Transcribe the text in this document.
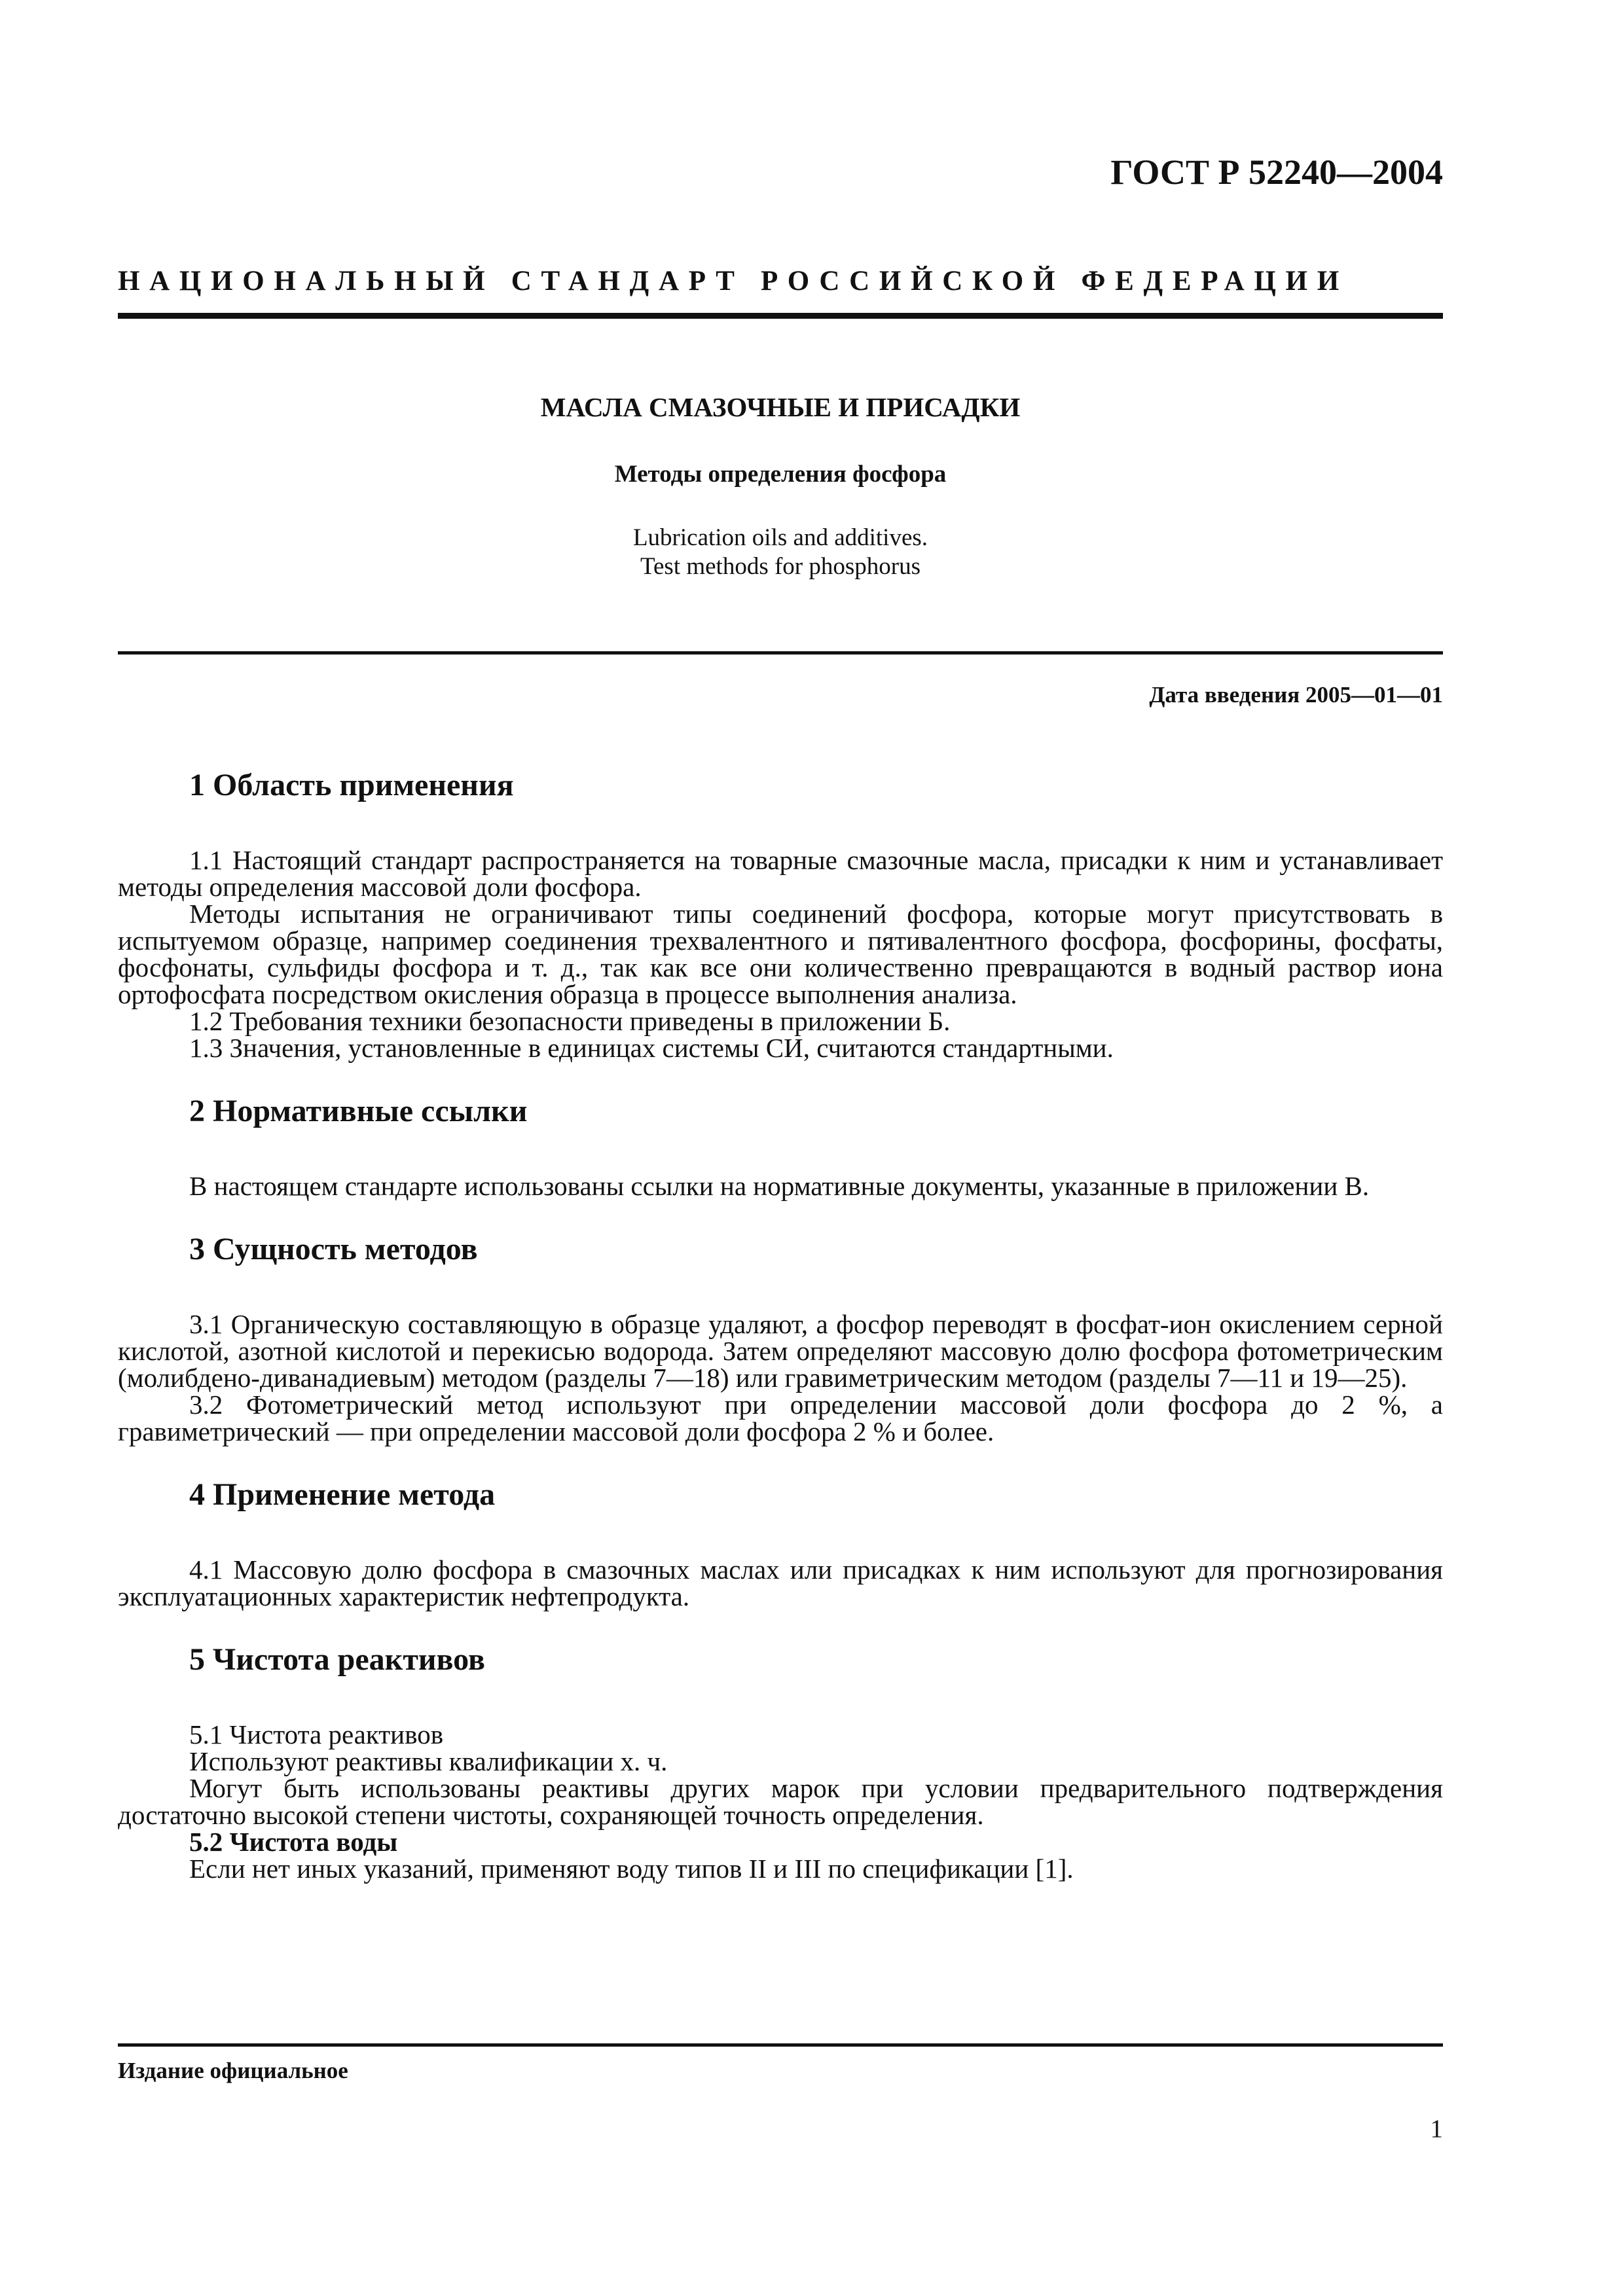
ГОСТ Р 52240—2004
НАЦИОНАЛЬНЫЙ СТАНДАРТ РОССИЙСКОЙ ФЕДЕРАЦИИ
МАСЛА СМАЗОЧНЫЕ И ПРИСАДКИ
Методы определения фосфора
Lubrication oils and additives.
Test methods for phosphorus
Дата введения 2005—01—01
1 Область применения

1.1 Настоящий стандарт распространяется на товарные смазочные масла, присадки к ним и устанавливает методы определения массовой доли фосфора.

Методы испытания не ограничивают типы соединений фосфора, которые могут присутствовать в испытуемом образце, например соединения трехвалентного и пятивалентного фосфора, фосфорины, фосфаты, фосфонаты, сульфиды фосфора и т. д., так как все они количественно превращаются в водный раствор иона ортофосфата посредством окисления образца в процессе выполнения анализа.

1.2 Требования техники безопасности приведены в приложении Б.

1.3 Значения, установленные в единицах системы СИ, считаются стандартными.

2 Нормативные ссылки

В настоящем стандарте использованы ссылки на нормативные документы, указанные в приложении В.

3 Сущность методов

3.1 Органическую составляющую в образце удаляют, а фосфор переводят в фосфат-ион окислением серной кислотой, азотной кислотой и перекисью водорода. Затем определяют массовую долю фосфора фотометрическим (молибдено-диванадиевым) методом (разделы 7—18) или гравиметрическим методом (разделы 7—11 и 19—25).

3.2 Фотометрический метод используют при определении массовой доли фосфора до 2 %, а гравиметрический — при определении массовой доли фосфора 2 % и более.

4 Применение метода

4.1 Массовую долю фосфора в смазочных маслах или присадках к ним используют для прогнозирования эксплуатационных характеристик нефтепродукта.

5 Чистота реактивов

5.1 Чистота реактивов

Используют реактивы квалификации х. ч.

Могут быть использованы реактивы других марок при условии предварительного подтверждения достаточно высокой степени чистоты, сохраняющей точность определения.

5.2 Чистота воды

Если нет иных указаний, применяют воду типов II и III по спецификации [1].

Издание официальное
1
